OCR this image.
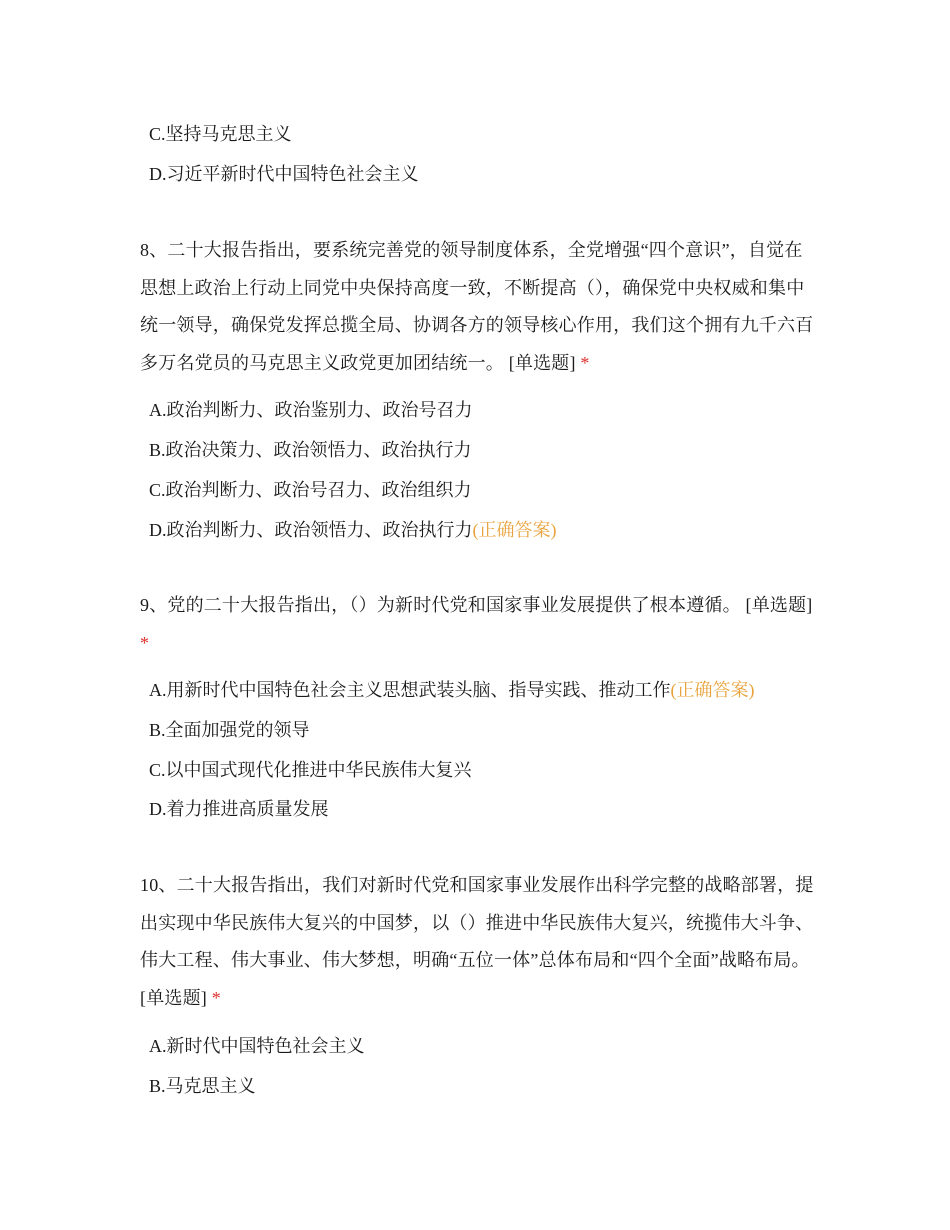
C.坚持马克思主义
D.习近平新时代中国特色社会主义
8、二十大报告指出，要系统完善党的领导制度体系，全党增强“四个意识”，自觉在思想上政治上行动上同党中央保持高度一致，不断提高（），确保党中央权威和集中统一领导，确保党发挥总揽全局、协调各方的领导核心作用，我们这个拥有九千六百多万名党员的马克思主义政党更加团结统一。 [单选题] *
A.政治判断力、政治鉴别力、政治号召力
B.政治决策力、政治领悟力、政治执行力
C.政治判断力、政治号召力、政治组织力
D.政治判断力、政治领悟力、政治执行力(正确答案)
9、党的二十大报告指出，（）为新时代党和国家事业发展提供了根本遵循。 [单选题] *
A.用新时代中国特色社会主义思想武装头脑、指导实践、推动工作(正确答案)
B.全面加强党的领导
C.以中国式现代化推进中华民族伟大复兴
D.着力推进高质量发展
10、二十大报告指出，我们对新时代党和国家事业发展作出科学完整的战略部署，提出实现中华民族伟大复兴的中国梦，以（）推进中华民族伟大复兴，统揽伟大斗争、伟大工程、伟大事业、伟大梦想，明确“五位一体”总体布局和“四个全面”战略布局。 [单选题] *
A.新时代中国特色社会主义
B.马克思主义
